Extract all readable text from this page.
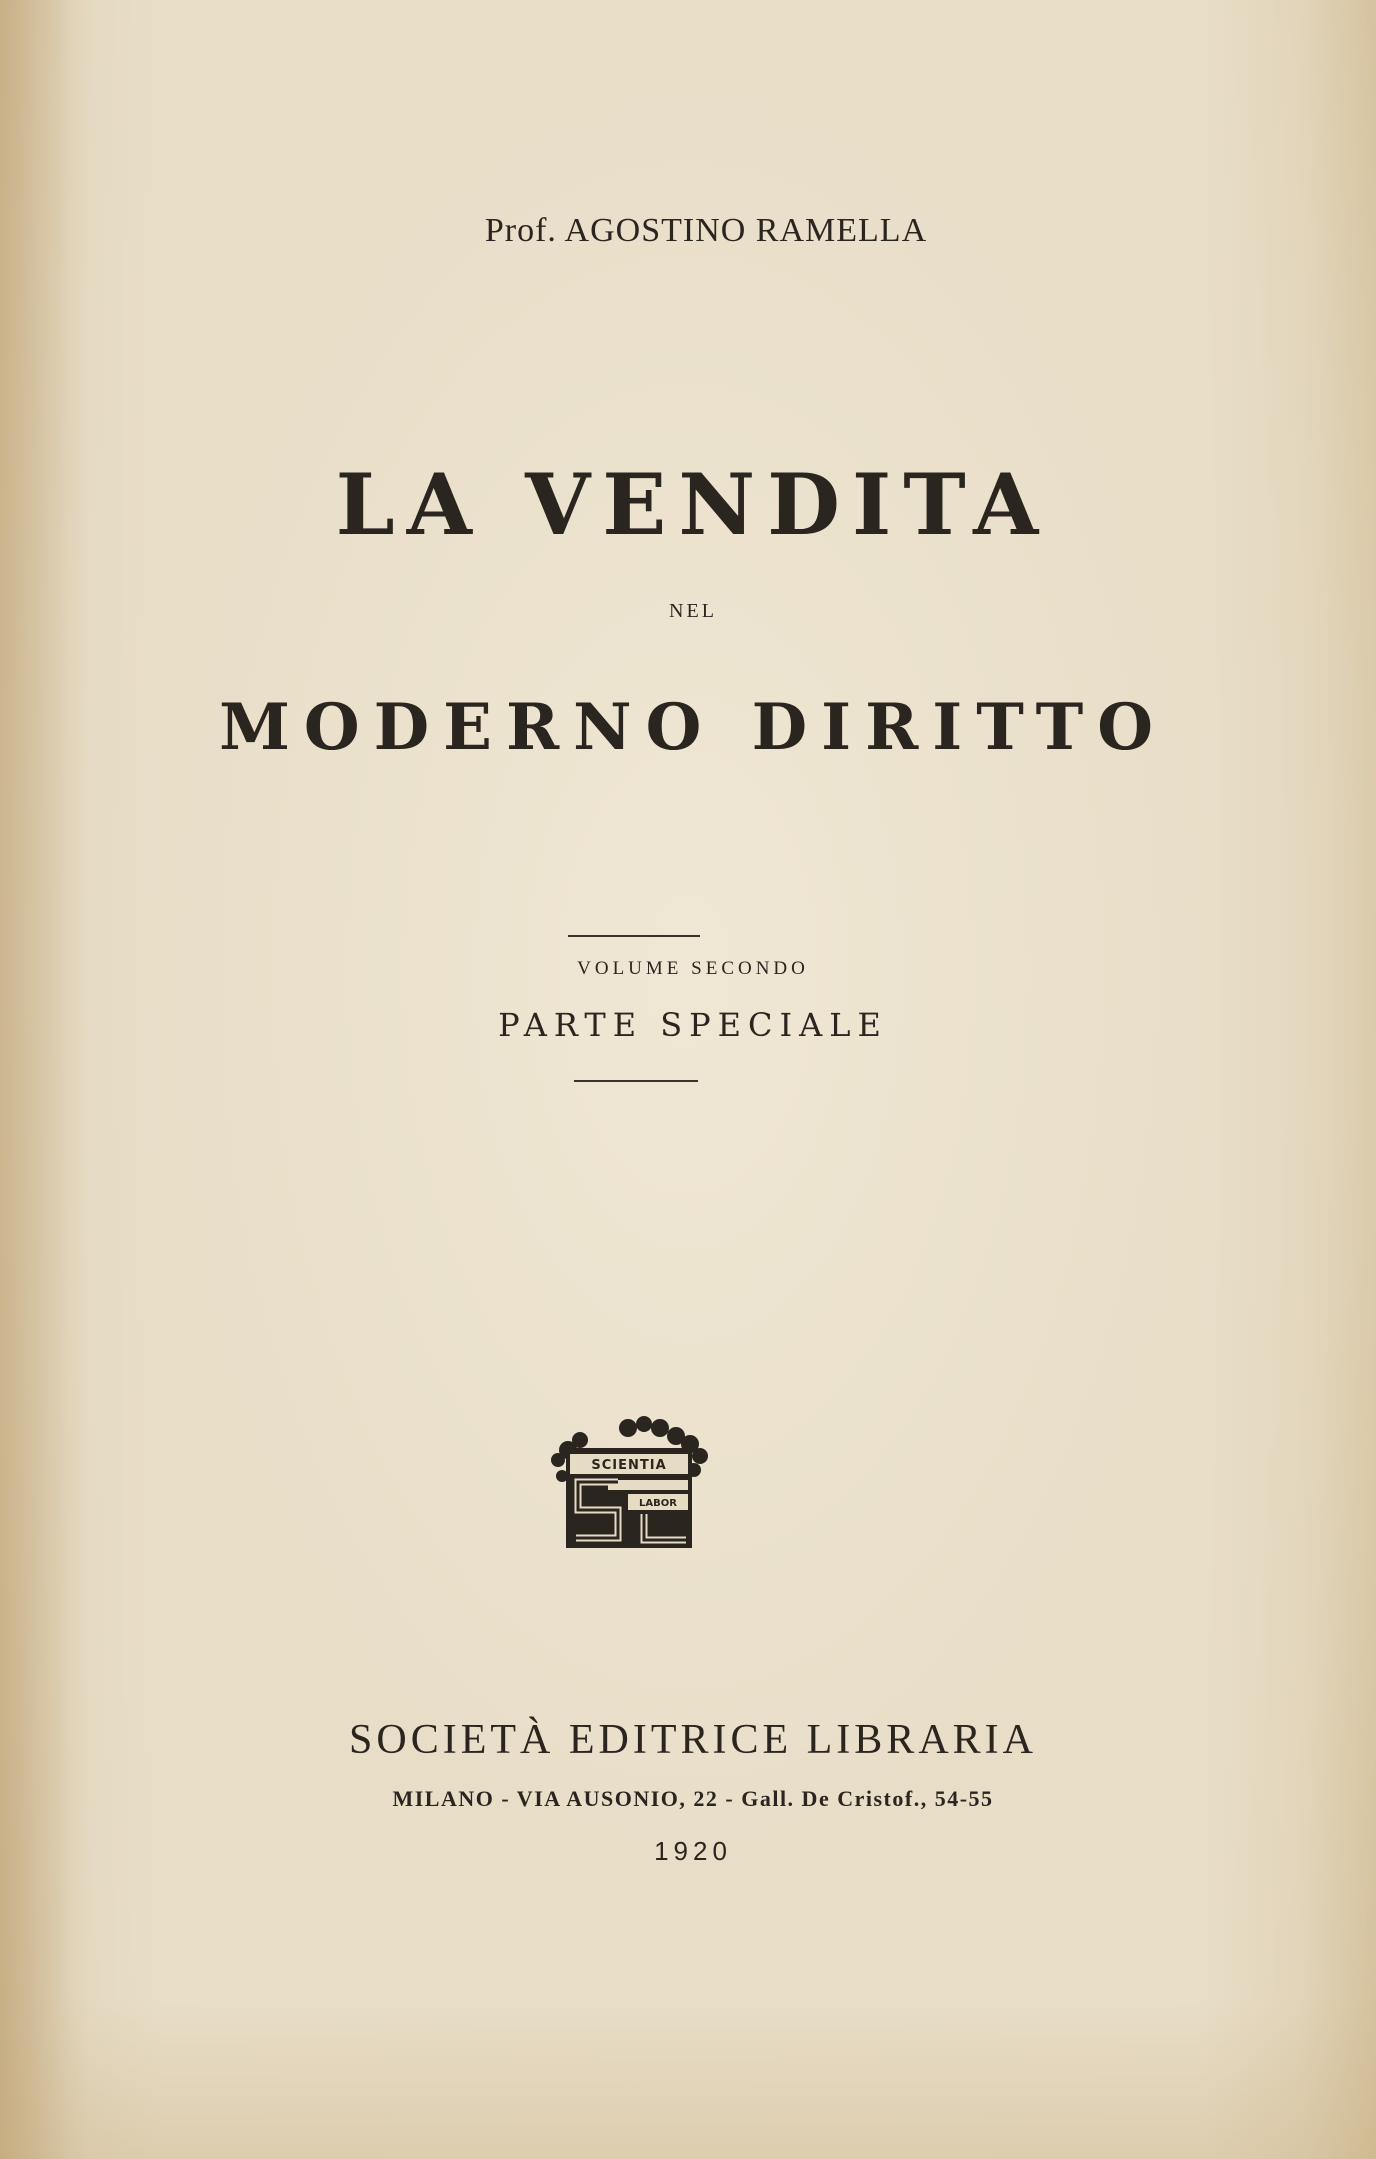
Prof. AGOSTINO RAMELLA

LA VENDITA

NEL

MODERNO DIRITTO

VOLUME SECONDO

PARTE SPECIALE

SCIENTIA
LABOR

SOCIETÀ EDITRICE LIBRARIA

MILANO - VIA AUSONIO, 22 - Gall. De Cristof., 54-55

1920
